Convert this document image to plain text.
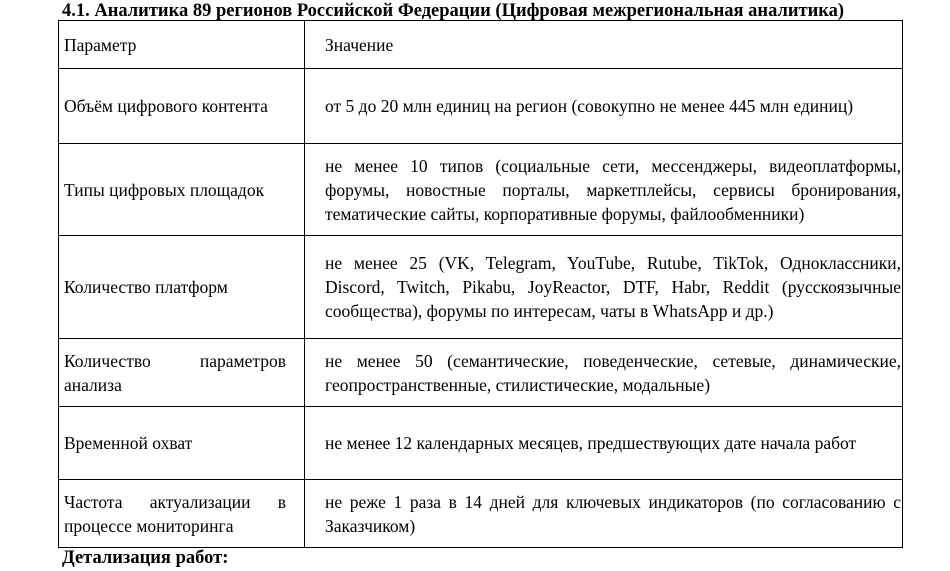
4.1. Аналитика 89 регионов Российской Федерации (Цифровая межрегиональная аналитика)
Параметр	Значение
Объём цифрового контента	от 5 до 20 млн единиц на регион (совокупно не менее 445 млн единиц)
Типы цифровых площадок	не менее 10 типов (социальные сети, мессенджеры, видеоплатформы, форумы, новостные порталы, маркетплейсы, сервисы бронирования, тематические сайты, корпоративные форумы, файлообменники)
Количество платформ	не менее 25 (VK, Telegram, YouTube, Rutube, TikTok, Одноклассники, Discord, Twitch, Pikabu, JoyReactor, DTF, Habr, Reddit (русскоязычные сообщества), форумы по интересам, чаты в WhatsApp и др.)
Количество параметров анализа	не менее 50 (семантические, поведенческие, сетевые, динамические, геопространственные, стилистические, модальные)
Временной охват	не менее 12 календарных месяцев, предшествующих дате начала работ
Частота актуализации в процессе мониторинга	не реже 1 раза в 14 дней для ключевых индикаторов (по согласованию с Заказчиком)
Детализация работ:
